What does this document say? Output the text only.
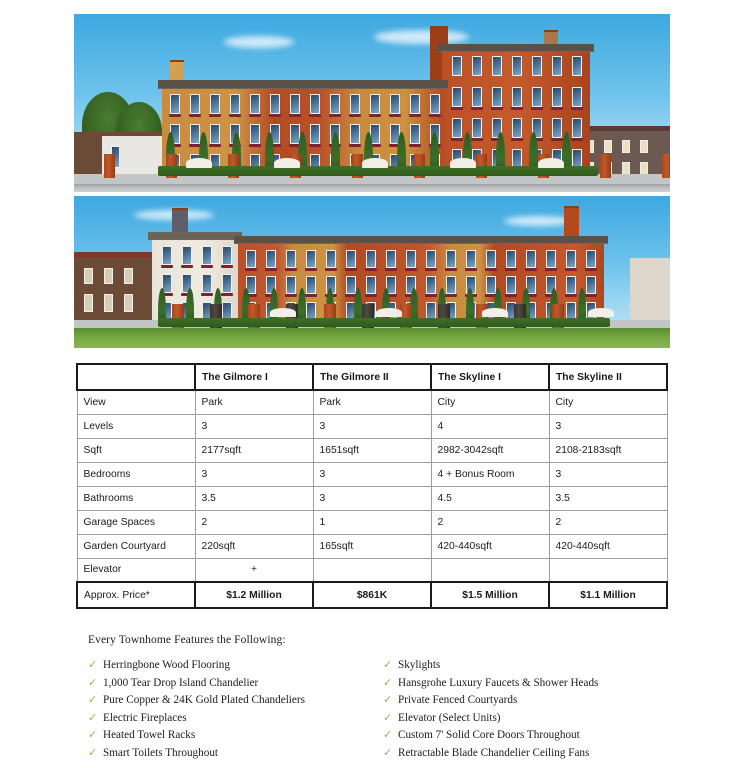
	The Gilmore I	The Gilmore II	The Skyline I	The Skyline II
View	Park	Park	City	City
Levels	3	3	4	3
Sqft	2177sqft	1651sqft	2982-3042sqft	2108-2183sqft
Bedrooms	3	3	4 + Bonus Room	3
Bathrooms	3.5	3	4.5	3.5
Garage Spaces	2	1	2	2
Garden Courtyard	220sqft	165sqft	420-440sqft	420-440sqft
Elevator	+			
Approx. Price*	$1.2 Million	$861K	$1.5 Million	$1.1 Million
Every Townhome Features the Following:
✓ Herringbone Wood Flooring
✓ 1,000 Tear Drop Island Chandelier
✓ Pure Copper & 24K Gold Plated Chandeliers
✓ Electric Fireplaces
✓ Heated Towel Racks
✓ Smart Toilets Throughout
✓ Skylights
✓ Hansgrohe Luxury Faucets & Shower Heads
✓ Private Fenced Courtyards
✓ Elevator (Select Units)
✓ Custom 7' Solid Core Doors Throughout
✓ Retractable Blade Chandelier Ceiling Fans
